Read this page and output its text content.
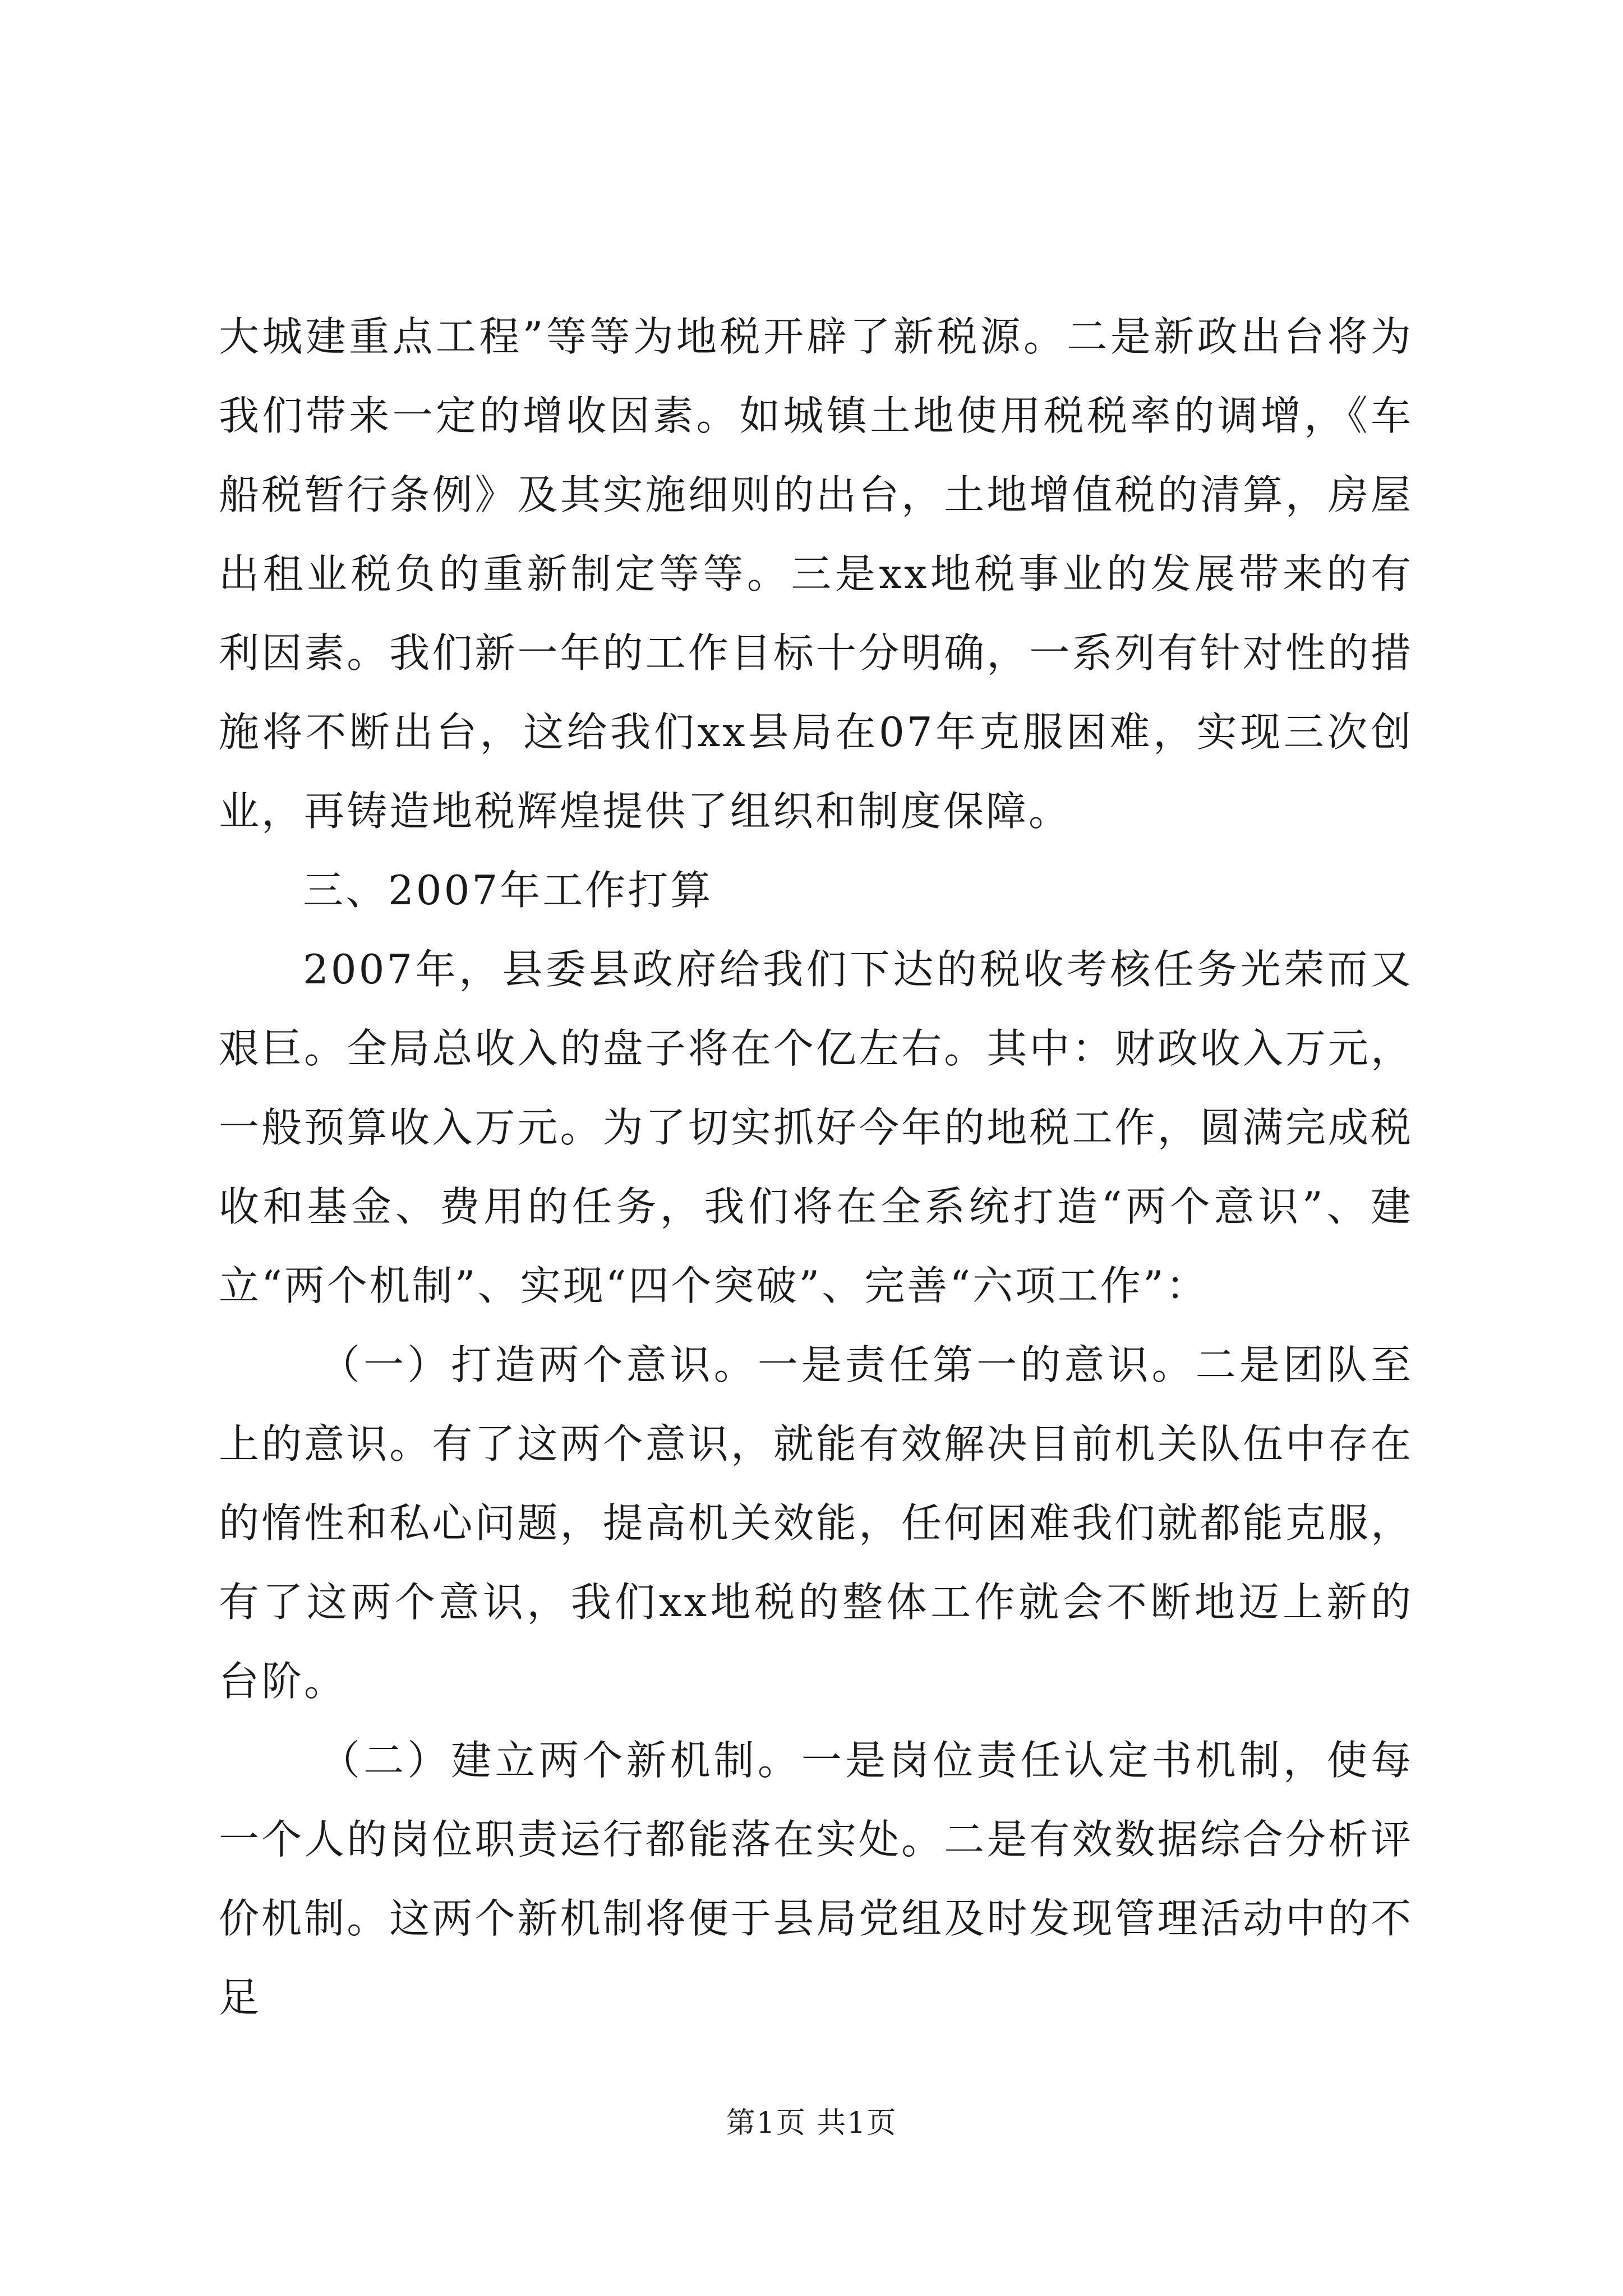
大城建重点工程”等等为地税开辟了新税源。二是新政出台将为我们带来一定的增收因素。如城镇土地使用税税率的调增，《车船税暂行条例》及其实施细则的出台，土地增值税的清算，房屋出租业税负的重新制定等等。三是xx地税事业的发展带来的有利因素。我们新一年的工作目标十分明确，一系列有针对性的措施将不断出台，这给我们xx县局在07年克服困难，实现三次创业，再铸造地税辉煌提供了组织和制度保障。

三、2007年工作打算

2007年，县委县政府给我们下达的税收考核任务光荣而又艰巨。全局总收入的盘子将在个亿左右。其中：财政收入万元，一般预算收入万元。为了切实抓好今年的地税工作，圆满完成税收和基金、费用的任务，我们将在全系统打造“两个意识”、建立“两个机制”、实现“四个突破”、完善“六项工作”：

（一）打造两个意识。一是责任第一的意识。二是团队至上的意识。有了这两个意识，就能有效解决目前机关队伍中存在的惰性和私心问题，提高机关效能，任何困难我们就都能克服，有了这两个意识，我们xx地税的整体工作就会不断地迈上新的台阶。

（二）建立两个新机制。一是岗位责任认定书机制，使每一个人的岗位职责运行都能落在实处。二是有效数据综合分析评价机制。这两个新机制将便于县局党组及时发现管理活动中的不足

第1页 共1页
